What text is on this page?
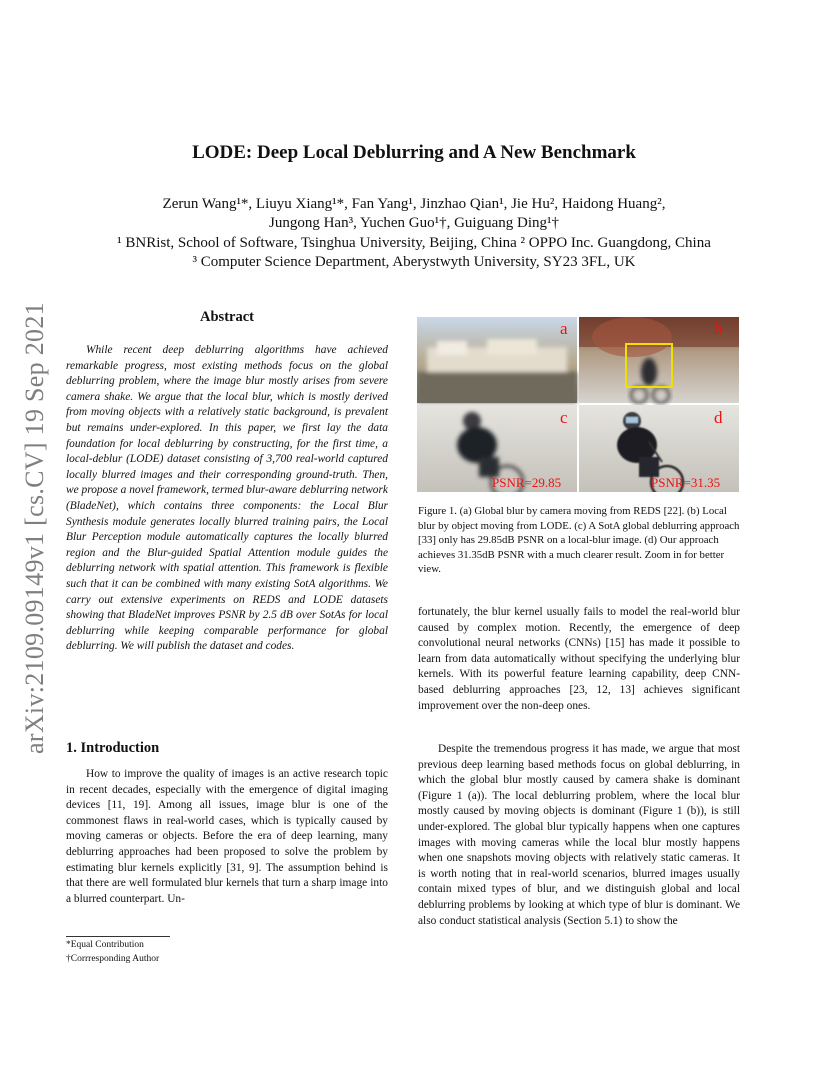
arXiv:2109.09149v1 [cs.CV] 19 Sep 2021
LODE: Deep Local Deblurring and A New Benchmark
Zerun Wang¹*, Liuyu Xiang¹*, Fan Yang¹, Jinzhao Qian¹, Jie Hu², Haidong Huang²,
Jungong Han³, Yuchen Guo¹†, Guiguang Ding¹†
¹ BNRist, School of Software, Tsinghua University, Beijing, China ² OPPO Inc. Guangdong, China
³ Computer Science Department, Aberystwyth University, SY23 3FL, UK
Abstract

While recent deep deblurring algorithms have achieved remarkable progress, most existing methods focus on the global deblurring problem, where the image blur mostly arises from severe camera shake. We argue that the local blur, which is mostly derived from moving objects with a relatively static background, is prevalent but remains under-explored. In this paper, we first lay the data foundation for local deblurring by constructing, for the first time, a local-deblur (LODE) dataset consisting of 3,700 real-world captured locally blurred images and their corresponding ground-truth. Then, we propose a novel framework, termed blur-aware deblurring network (BladeNet), which contains three components: the Local Blur Synthesis module generates locally blurred training pairs, the Local Blur Perception module automatically captures the locally blurred region and the Blur-guided Spatial Attention module guides the deblurring network with spatial attention. This framework is flexible such that it can be combined with many existing SotA algorithms. We carry out extensive experiments on REDS and LODE datasets showing that BladeNet improves PSNR by 2.5 dB over SotAs for local deblurring while keeping comparable performance for global deblurring. We will publish the dataset and codes.

1. Introduction

How to improve the quality of images is an active research topic in recent decades, especially with the emergence of digital imaging devices [11, 19]. Among all issues, image blur is one of the commonest flaws in real-world cases, which is typically caused by moving cameras or objects. Before the era of deep learning, many deblurring approaches had been proposed to solve the problem by estimating blur kernels explicitly [31, 9]. The assumption behind is that there are well formulated blur kernels that turn a sharp image into a blurred counterpart. Un-

*Equal Contribution
†Corrresponding Author
a	b
c	d
PSNR=29.85	PSNR=31.35
Figure 1. (a) Global blur by camera moving from REDS [22]. (b) Local blur by object moving from LODE. (c) A SotA global deblurring approach [33] only has 29.85dB PSNR on a local-blur image. (d) Our approach achieves 31.35dB PSNR with a much clearer result. Zoom in for better view.

fortunately, the blur kernel usually fails to model the real-world blur caused by complex motion. Recently, the emergence of deep convolutional neural networks (CNNs) [15] has made it possible to learn from data automatically without specifying the underlying blur kernels. With its powerful feature learning capability, deep CNN-based deblurring approaches [23, 12, 13] achieves significant improvement over the non-deep ones.

Despite the tremendous progress it has made, we argue that most previous deep learning based methods focus on global deblurring, in which the global blur mostly caused by camera shake is dominant (Figure 1 (a)). The local deblurring problem, where the local blur mostly caused by moving objects is dominant (Figure 1 (b)), is still under-explored. The global blur typically happens when one captures images with moving cameras while the local blur mostly happens when one snapshots moving objects with relatively static cameras. It is worth noting that in real-world scenarios, blurred images usually contain mixed types of blur, and we distinguish global and local deblurring problems by looking at which type of blur is dominant. We also conduct statistical analysis (Section 5.1) to show the
